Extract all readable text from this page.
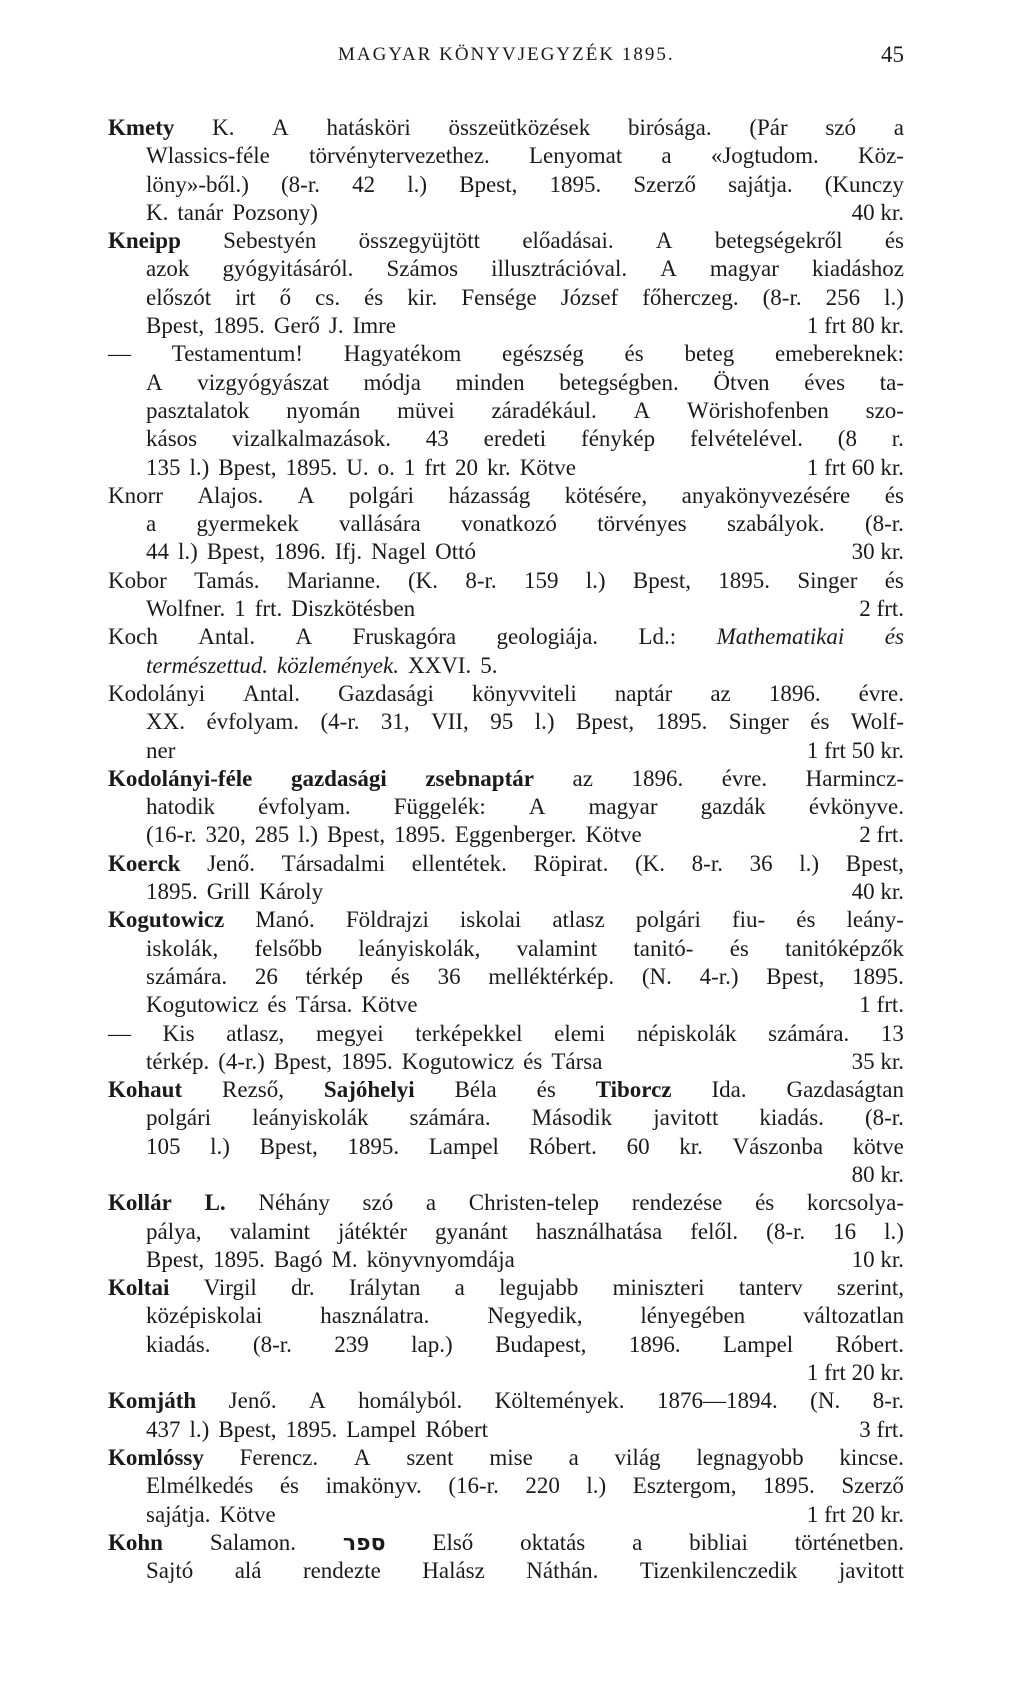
MAGYAR KÖNYVJEGYZÉK 1895.	45
Kmety K. A hatásköri összeütközések birósága. (Pár szó a
Wlassics-féle törvénytervezethez. Lenyomat a «Jogtudom. Köz-
löny»-ből.) (8-r. 42 l.) Bpest, 1895. Szerző sajátja. (Kunczy
K. tanár Pozsony)	40 kr.
Kneipp Sebestyén összegyüjtött előadásai. A betegségekről és
azok gyógyitásáról. Számos illusztrációval. A magyar kiadáshoz
előszót irt ő cs. és kir. Fensége József főherczeg. (8-r. 256 l.)
Bpest, 1895. Gerő J. Imre	1 frt 80 kr.
— Testamentum! Hagyatékom egészség és beteg emebereknek:
A vizgyógyászat módja minden betegségben. Ötven éves ta-
pasztalatok nyomán müvei záradékául. A Wörishofenben szo-
kásos vizalkalmazások. 43 eredeti fénykép felvételével. (8 r.
135 l.) Bpest, 1895. U. o. 1 frt 20 kr. Kötve	1 frt 60 kr.
Knorr Alajos. A polgári házasság kötésére, anyakönyvezésére és
a gyermekek vallására vonatkozó törvényes szabályok. (8-r.
44 l.) Bpest, 1896. Ifj. Nagel Ottó	30 kr.
Kobor Tamás. Marianne. (K. 8-r. 159 l.) Bpest, 1895. Singer és
Wolfner. 1 frt. Diszkötésben	2 frt.
Koch Antal. A Fruskagóra geologiája. Ld.: Mathematikai és
természettud. közlemények. XXVI. 5.
Kodolányi Antal. Gazdasági könyvviteli naptár az 1896. évre.
XX. évfolyam. (4-r. 31, VII, 95 l.) Bpest, 1895. Singer és Wolf-
ner	1 frt 50 kr.
Kodolányi-féle gazdasági zsebnaptár az 1896. évre. Harmincz-
hatodik évfolyam. Függelék: A magyar gazdák évkönyve.
(16-r. 320, 285 l.) Bpest, 1895. Eggenberger. Kötve	2 frt.
Koerck Jenő. Társadalmi ellentétek. Röpirat. (K. 8-r. 36 l.) Bpest,
1895. Grill Károly	40 kr.
Kogutowicz Manó. Földrajzi iskolai atlasz polgári fiu- és leány-
iskolák, felsőbb leányiskolák, valamint tanitó- és tanitóképzők
számára. 26 térkép és 36 melléktérkép. (N. 4-r.) Bpest, 1895.
Kogutowicz és Társa. Kötve	1 frt.
— Kis atlasz, megyei terképekkel elemi népiskolák számára. 13
térkép. (4-r.) Bpest, 1895. Kogutowicz és Társa	35 kr.
Kohaut Rezső, Sajóhelyi Béla és Tiborcz Ida. Gazdaságtan
polgári leányiskolák számára. Második javitott kiadás. (8-r.
105 l.) Bpest, 1895. Lampel Róbert. 60 kr. Vászonba kötve
80 kr.
Kollár L. Néhány szó a Christen-telep rendezése és korcsolya-
pálya, valamint játéktér gyanánt használhatása felől. (8-r. 16 l.)
Bpest, 1895. Bagó M. könyvnyomdája	10 kr.
Koltai Virgil dr. Irálytan a legujabb miniszteri tanterv szerint,
középiskolai	használatra.	Negyedik,	lényegében	változatlan
kiadás. (8-r. 239 lap.) Budapest, 1896. Lampel Róbert.
1 frt 20 kr.
Komjáth Jenő. A homályból. Költemények. 1876—1894. (N. 8-r.
437 l.) Bpest, 1895. Lampel Róbert	3 frt.
Komlóssy Ferencz. A szent mise a világ legnagyobb kincse.
Elmélkedés és imakönyv. (16-r. 220 l.) Esztergom, 1895. Szerző
sajátja. Kötve	1 frt 20 kr.
Kohn Salamon. ספר Első oktatás a bibliai történetben.
Sajtó alá rendezte Halász Náthán. Tizenkilenczedik javitott
